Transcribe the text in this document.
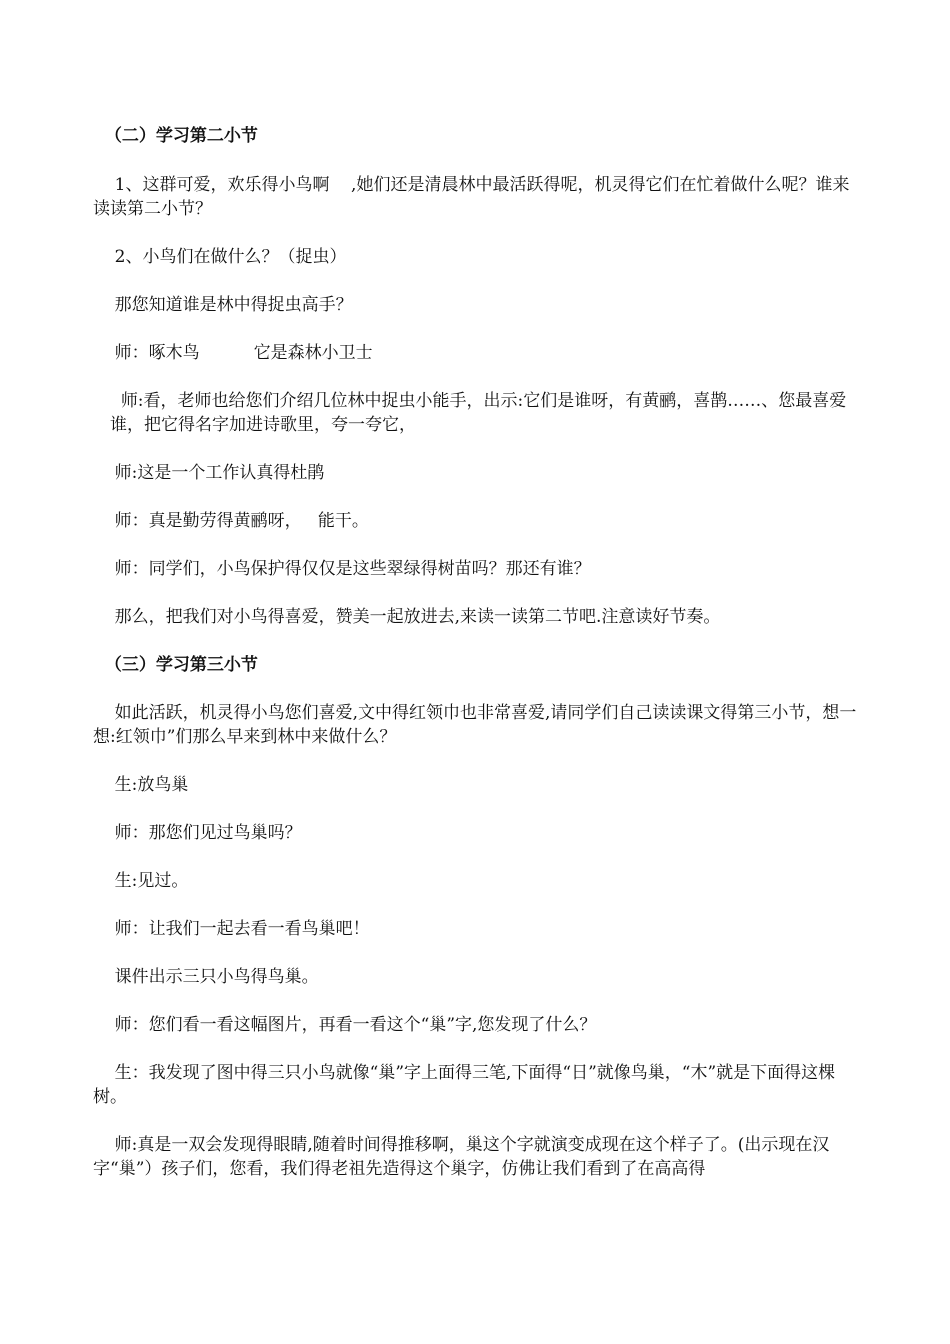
（二）学习第二小节

1、这群可爱，欢乐得小鸟啊    ,她们还是清晨林中最活跃得呢，机灵得它们在忙着做什么呢？谁来读读第二小节？

2、小鸟们在做什么？（捉虫）

那您知道谁是林中得捉虫高手？

师：啄木鸟          它是森林小卫士

师:看，老师也给您们介绍几位林中捉虫小能手，出示:它们是谁呀，有黄鹂，喜鹊……、您最喜爱谁，把它得名字加进诗歌里，夸一夸它，

师:这是一个工作认真得杜鹃

师：真是勤劳得黄鹂呀，   能干。

师：同学们，小鸟保护得仅仅是这些翠绿得树苗吗？那还有谁？

那么，把我们对小鸟得喜爱，赞美一起放进去,来读一读第二节吧.注意读好节奏。

（三）学习第三小节

如此活跃，机灵得小鸟您们喜爱,文中得红领巾也非常喜爱,请同学们自己读读课文得第三小节，想一想:红领巾”们那么早来到林中来做什么？

生:放鸟巢

师：那您们见过鸟巢吗？

生:见过。

师：让我们一起去看一看鸟巢吧！

课件出示三只小鸟得鸟巢。

师：您们看一看这幅图片，再看一看这个“巢”字,您发现了什么？

生：我发现了图中得三只小鸟就像“巢”字上面得三笔,下面得“日”就像鸟巢，“木”就是下面得这棵树。

师:真是一双会发现得眼睛,随着时间得推移啊，巢这个字就演变成现在这个样子了。(出示现在汉字“巢”）孩子们，您看，我们得老祖先造得这个巢字，仿佛让我们看到了在高高得
